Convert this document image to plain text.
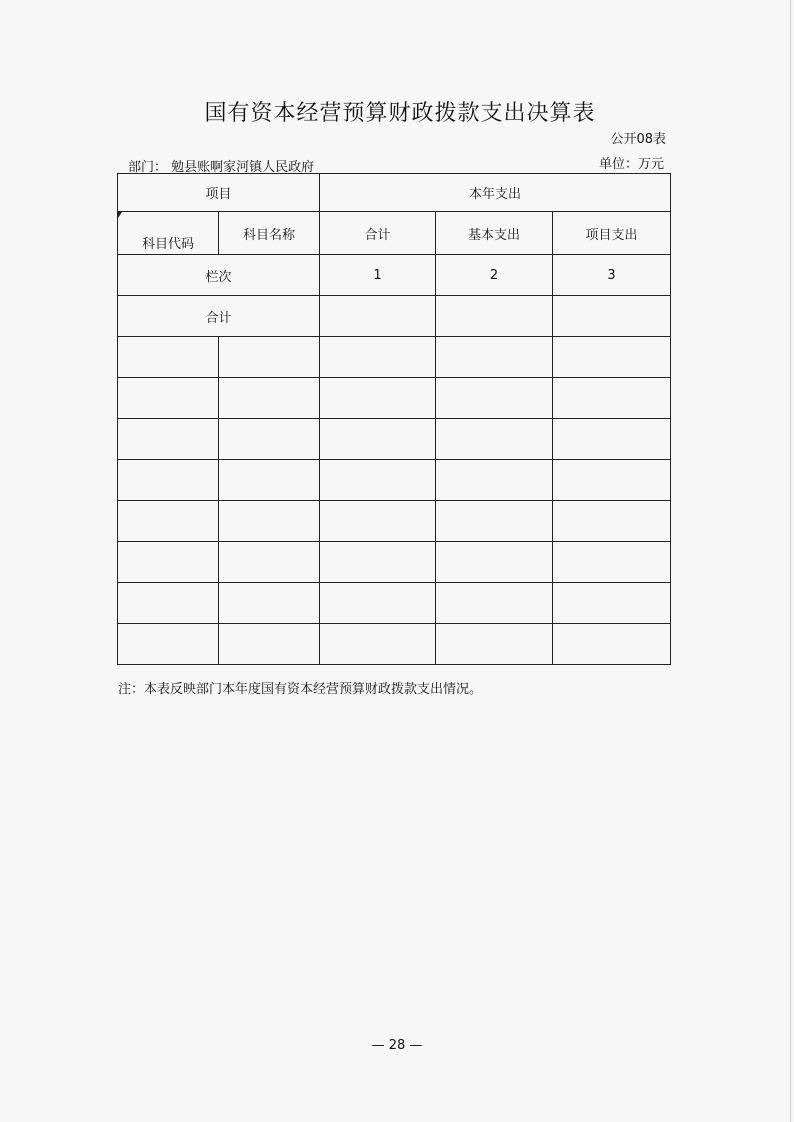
国有资本经营预算财政拨款支出决算表
公开08表
部门： 勉县账啊家河镇人民政府	单位：万元
项目		本年支出		
科目代码	科目名称	合计	基本支出	项目支出
栏次		1	2	3
合计				

注：本表反映部门本年度国有资本经营预算财政拨款支出情况。
— 28 —
